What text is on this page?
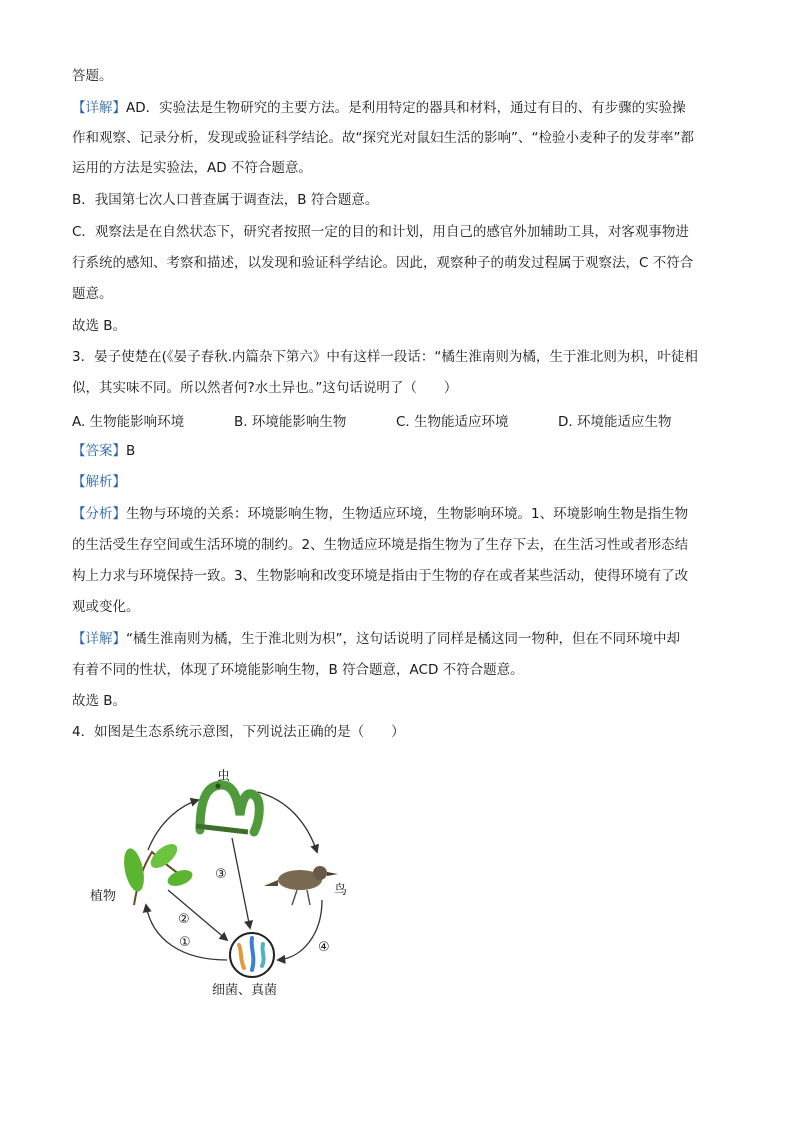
答题。
【详解】AD．实验法是生物研究的主要方法。是利用特定的器具和材料，通过有目的、有步骤的实验操
作和观察、记录分析，发现或验证科学结论。故“探究光对鼠妇生活的影响”、“检验小麦种子的发芽率”都
运用的方法是实验法，AD 不符合题意。
B．我国第七次人口普查属于调查法，B 符合题意。
C．观察法是在自然状态下，研究者按照一定的目的和计划，用自己的感官外加辅助工具，对客观事物进
行系统的感知、考察和描述，以发现和验证科学结论。因此，观察种子的萌发过程属于观察法，C 不符合
题意。
故选 B。
3．晏子使楚在(《晏子春秋.内篇杂下第六》中有这样一段话：“橘生淮南则为橘，生于淮北则为枳，叶徒相
似，其实味不同。所以然者何?水土异也。”这句话说明了（　　）
A. 生物能影响环境	B. 环境能影响生物	C. 生物能适应环境	D. 环境能适应生物
【答案】B
【解析】
【分析】生物与环境的关系：环境影响生物，生物适应环境，生物影响环境。1、环境影响生物是指生物
的生活受生存空间或生活环境的制约。2、生物适应环境是指生物为了生存下去，在生活习性或者形态结
构上力求与环境保持一致。3、生物影响和改变环境是指由于生物的存在或者某些活动，使得环境有了改
观或变化。
【详解】“橘生淮南则为橘，生于淮北则为枳”，这句话说明了同样是橘这同一物种，但在不同环境中却
有着不同的性状，体现了环境能影响生物，B 符合题意，ACD 不符合题意。
故选 B。
4．如图是生态系统示意图，下列说法正确的是（　　）
虫
植物	鸟
细菌、真菌
①
②
③
④
